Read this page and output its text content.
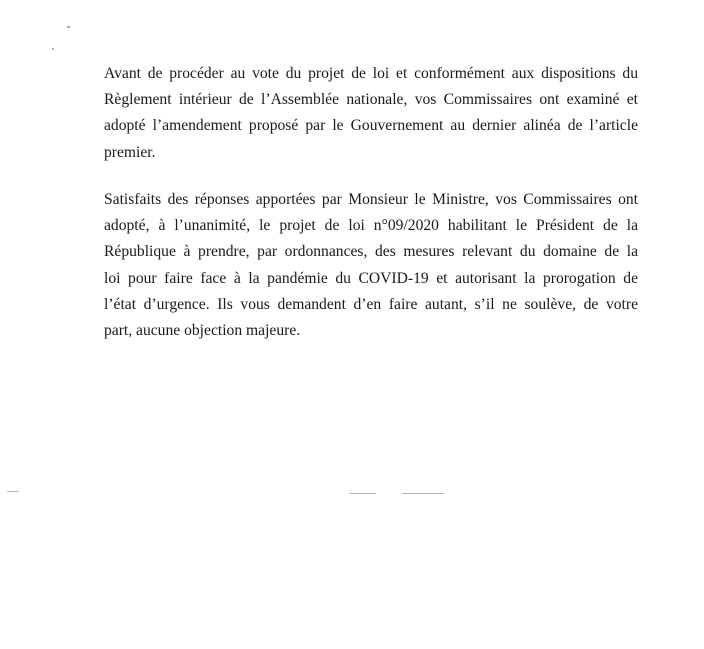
Avant de procéder au vote du projet de loi et conformément aux dispositions du
Règlement intérieur de l’Assemblée nationale, vos Commissaires ont examiné et
adopté l’amendement proposé par le Gouvernement au dernier alinéa de l’article
premier.
Satisfaits des réponses apportées par Monsieur le Ministre, vos Commissaires ont
adopté, à l’unanimité, le projet de loi n°09/2020 habilitant le Président de la
République à prendre, par ordonnances, des mesures relevant du domaine de la
loi pour faire face à la pandémie du COVID-19 et autorisant la prorogation de
l’état d’urgence. Ils vous demandent d’en faire autant, s’il ne soulève, de votre
part, aucune objection majeure.
